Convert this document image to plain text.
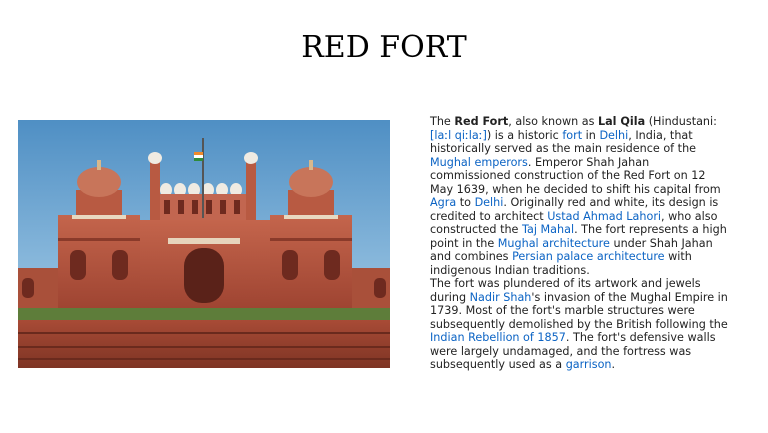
RED FORT

The Red Fort, also known as Lal Qila (Hindustani: [laːl qiːlaː]) is a historic fort in Delhi, India, that historically served as the main residence of the Mughal emperors. Emperor Shah Jahan commissioned construction of the Red Fort on 12 May 1639, when he decided to shift his capital from Agra to Delhi. Originally red and white, its design is credited to architect Ustad Ahmad Lahori, who also constructed the Taj Mahal. The fort represents a high point in the Mughal architecture under Shah Jahan and combines Persian palace architecture with indigenous Indian traditions.

The fort was plundered of its artwork and jewels during Nadir Shah's invasion of the Mughal Empire in 1739. Most of the fort's marble structures were subsequently demolished by the British following the Indian Rebellion of 1857. The fort's defensive walls were largely undamaged, and the fortress was subsequently used as a garrison.
